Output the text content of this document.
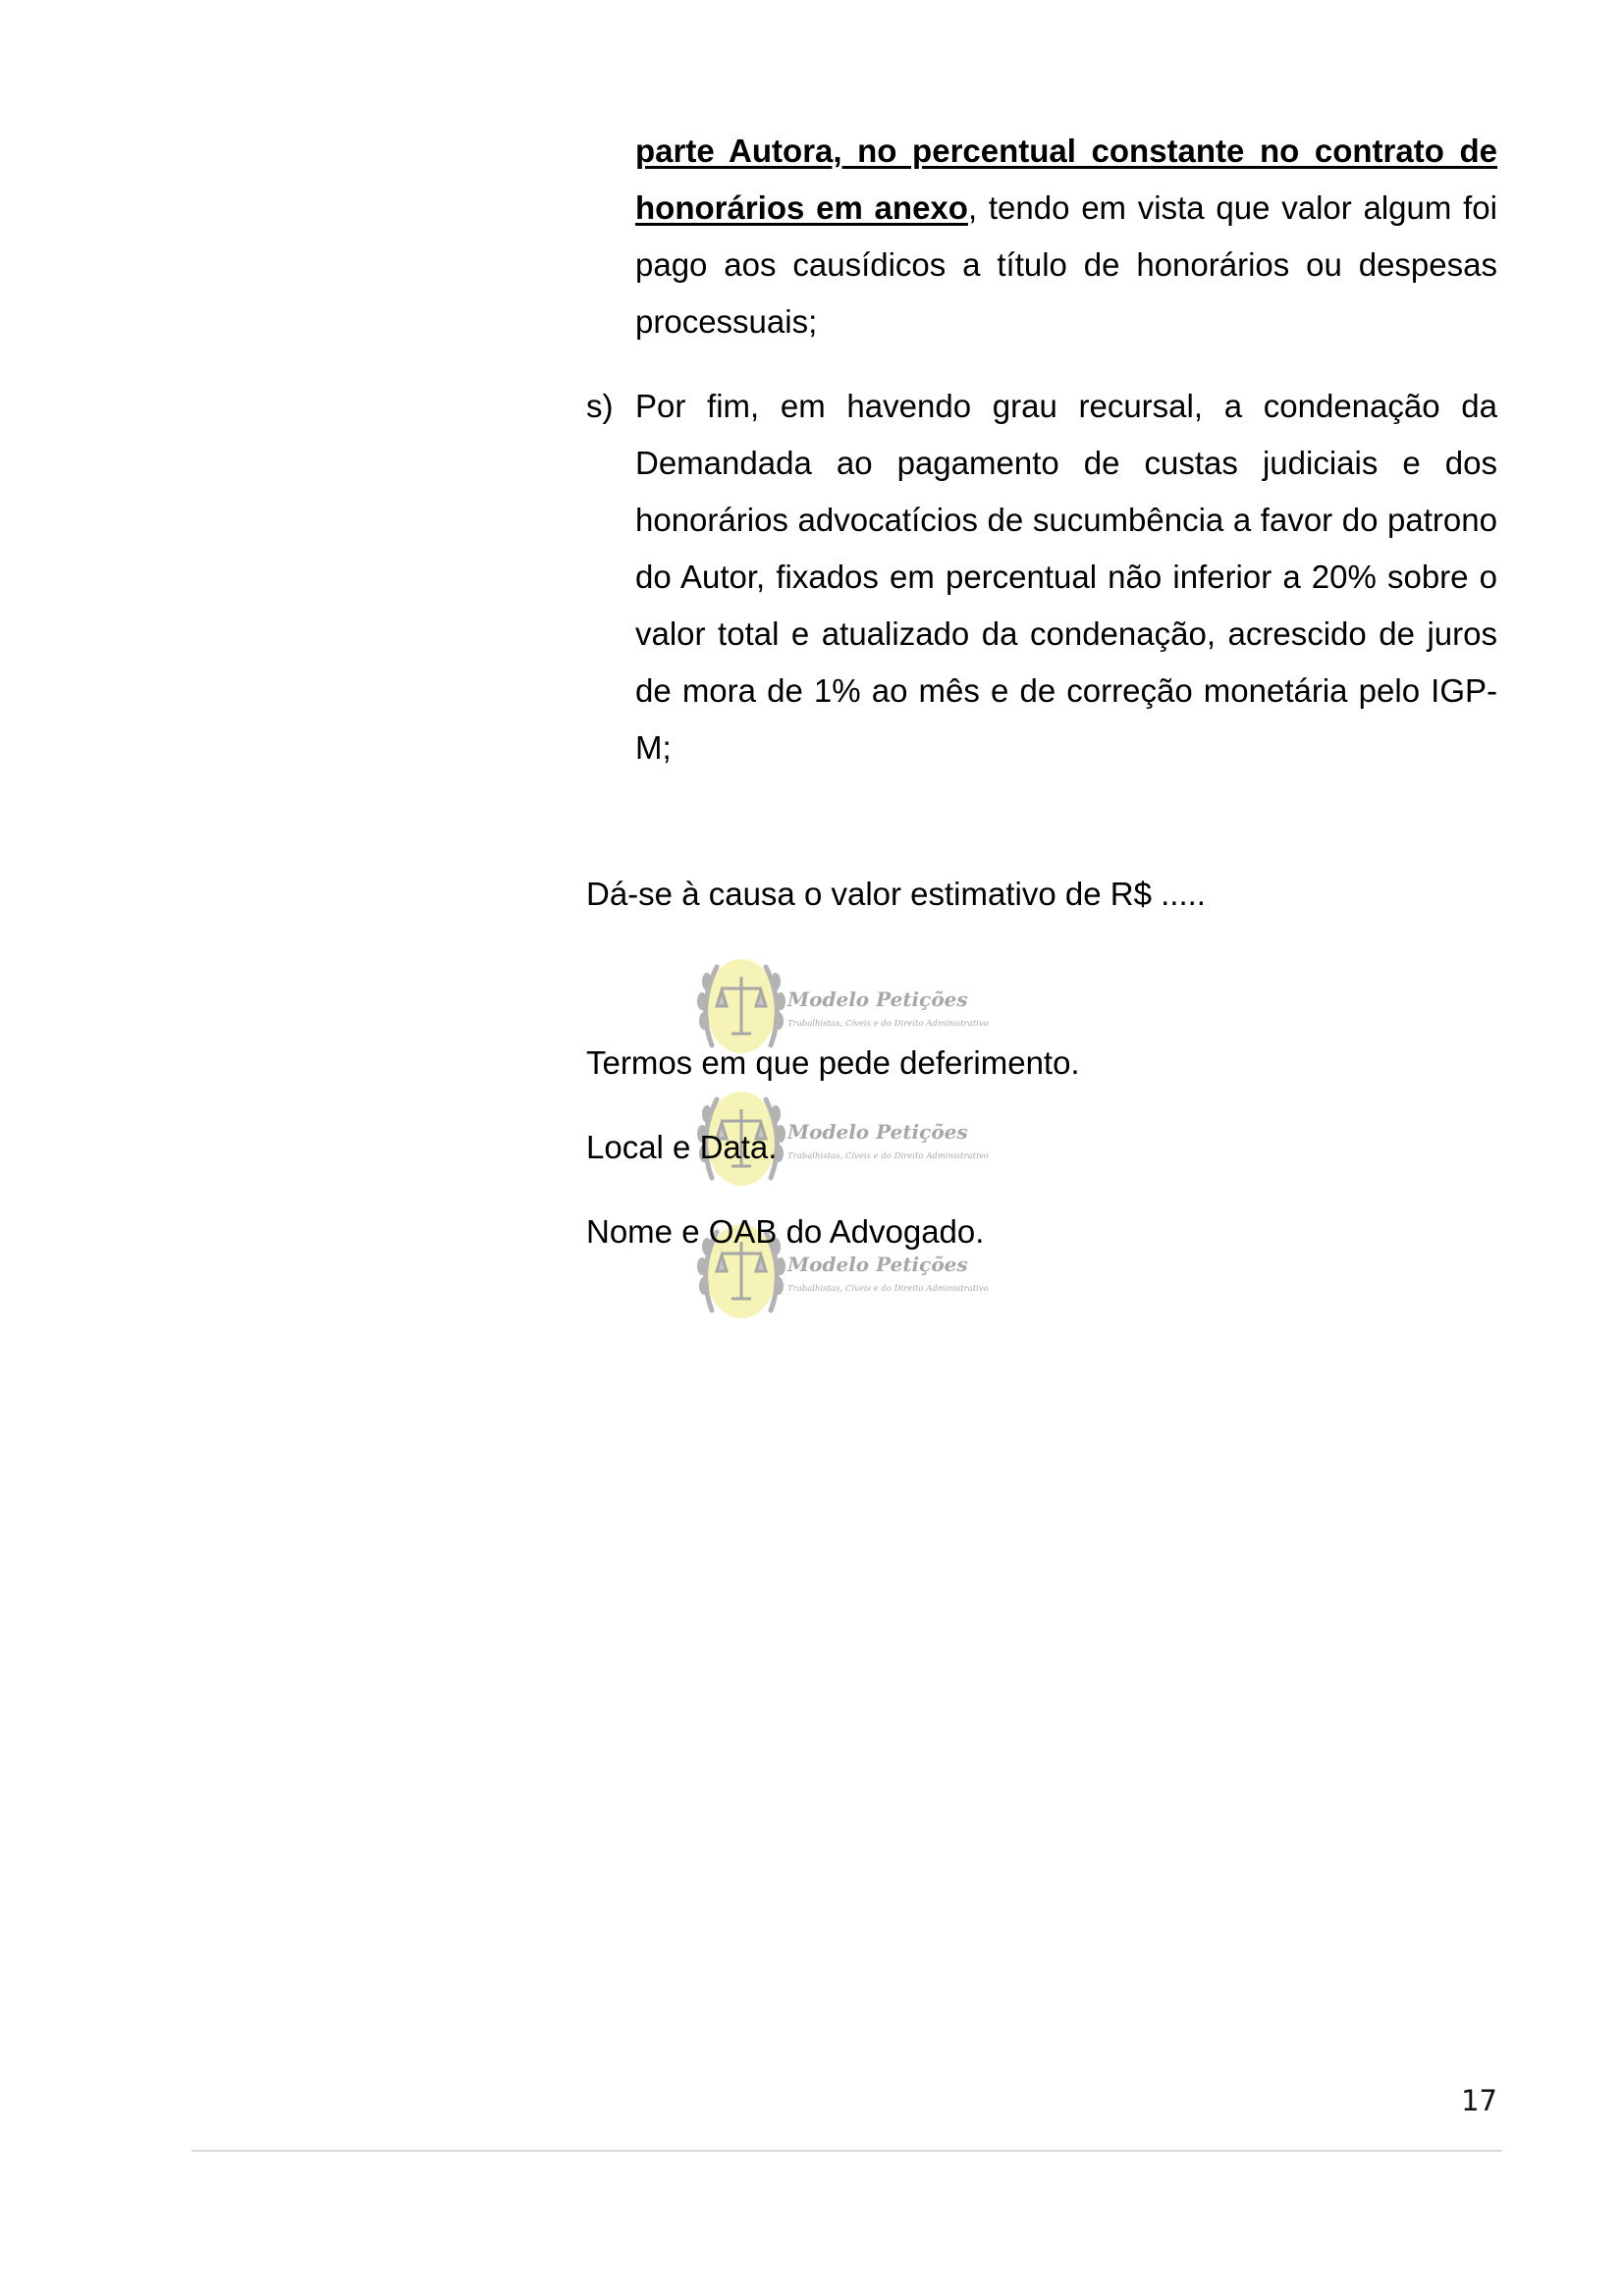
parte Autora, no percentual constante no contrato de honorários em anexo, tendo em vista que valor algum foi pago aos causídicos a título de honorários ou despesas processuais;
s) Por fim, em havendo grau recursal, a condenação da Demandada ao pagamento de custas judiciais e dos honorários advocatícios de sucumbência a favor do patrono do Autor, fixados em percentual não inferior a 20% sobre o valor total e atualizado da condenação, acrescido de juros de mora de 1% ao mês e de correção monetária pelo IGP-M;
Dá-se à causa o valor estimativo de R$ .....
Modelo Petições
Trabalhistas, Cíveis e do Direito Administrativo
Modelo Petições
Trabalhistas, Cíveis e do Direito Administrativo
Modelo Petições
Trabalhistas, Cíveis e do Direito Administrativo
Termos em que pede deferimento.
Local e Data.
Nome e OAB do Advogado.
17
